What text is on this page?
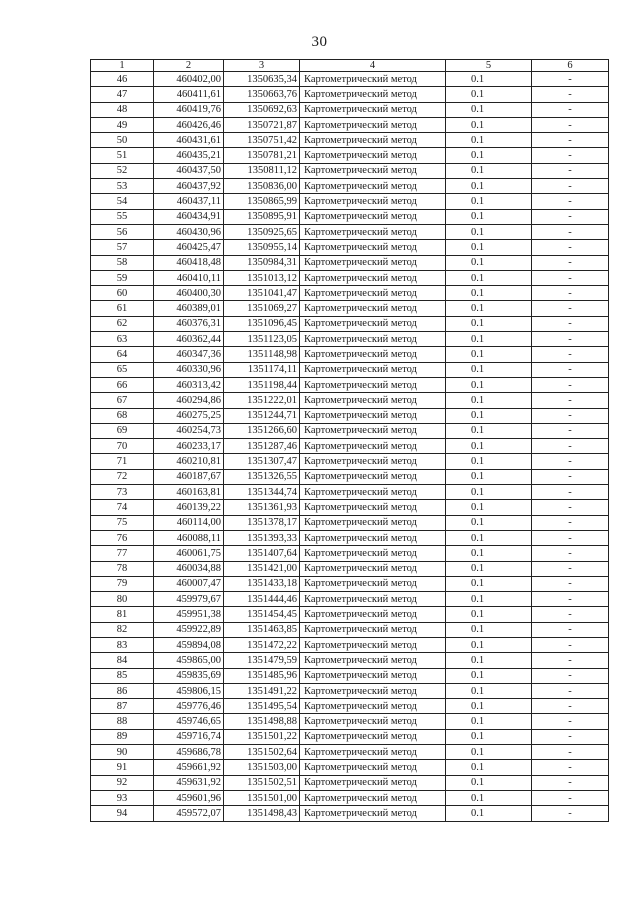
30
1	2	3	4	5	6
46	460402,00	1350635,34	Картометрический метод	0.1	-
47	460411,61	1350663,76	Картометрический метод	0.1	-
48	460419,76	1350692,63	Картометрический метод	0.1	-
49	460426,46	1350721,87	Картометрический метод	0.1	-
50	460431,61	1350751,42	Картометрический метод	0.1	-
51	460435,21	1350781,21	Картометрический метод	0.1	-
52	460437,50	1350811,12	Картометрический метод	0.1	-
53	460437,92	1350836,00	Картометрический метод	0.1	-
54	460437,11	1350865,99	Картометрический метод	0.1	-
55	460434,91	1350895,91	Картометрический метод	0.1	-
56	460430,96	1350925,65	Картометрический метод	0.1	-
57	460425,47	1350955,14	Картометрический метод	0.1	-
58	460418,48	1350984,31	Картометрический метод	0.1	-
59	460410,11	1351013,12	Картометрический метод	0.1	-
60	460400,30	1351041,47	Картометрический метод	0.1	-
61	460389,01	1351069,27	Картометрический метод	0.1	-
62	460376,31	1351096,45	Картометрический метод	0.1	-
63	460362,44	1351123,05	Картометрический метод	0.1	-
64	460347,36	1351148,98	Картометрический метод	0.1	-
65	460330,96	1351174,11	Картометрический метод	0.1	-
66	460313,42	1351198,44	Картометрический метод	0.1	-
67	460294,86	1351222,01	Картометрический метод	0.1	-
68	460275,25	1351244,71	Картометрический метод	0.1	-
69	460254,73	1351266,60	Картометрический метод	0.1	-
70	460233,17	1351287,46	Картометрический метод	0.1	-
71	460210,81	1351307,47	Картометрический метод	0.1	-
72	460187,67	1351326,55	Картометрический метод	0.1	-
73	460163,81	1351344,74	Картометрический метод	0.1	-
74	460139,22	1351361,93	Картометрический метод	0.1	-
75	460114,00	1351378,17	Картометрический метод	0.1	-
76	460088,11	1351393,33	Картометрический метод	0.1	-
77	460061,75	1351407,64	Картометрический метод	0.1	-
78	460034,88	1351421,00	Картометрический метод	0.1	-
79	460007,47	1351433,18	Картометрический метод	0.1	-
80	459979,67	1351444,46	Картометрический метод	0.1	-
81	459951,38	1351454,45	Картометрический метод	0.1	-
82	459922,89	1351463,85	Картометрический метод	0.1	-
83	459894,08	1351472,22	Картометрический метод	0.1	-
84	459865,00	1351479,59	Картометрический метод	0.1	-
85	459835,69	1351485,96	Картометрический метод	0.1	-
86	459806,15	1351491,22	Картометрический метод	0.1	-
87	459776,46	1351495,54	Картометрический метод	0.1	-
88	459746,65	1351498,88	Картометрический метод	0.1	-
89	459716,74	1351501,22	Картометрический метод	0.1	-
90	459686,78	1351502,64	Картометрический метод	0.1	-
91	459661,92	1351503,00	Картометрический метод	0.1	-
92	459631,92	1351502,51	Картометрический метод	0.1	-
93	459601,96	1351501,00	Картометрический метод	0.1	-
94	459572,07	1351498,43	Картометрический метод	0.1	-
